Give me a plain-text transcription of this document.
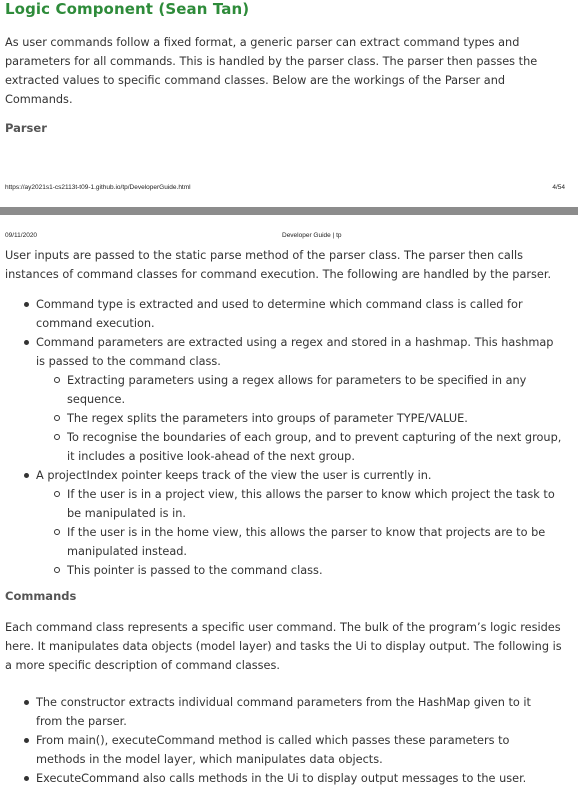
Logic Component (Sean Tan)

As user commands follow a fixed format, a generic parser can extract command types and parameters for all commands. This is handled by the parser class. The parser then passes the extracted values to specific command classes. Below are the workings of the Parser and Commands.

Parser
https://ay2021s1-cs2113t-t09-1.github.io/tp/DeveloperGuide.html	4/54
09/11/2020	Developer Guide | tp

User inputs are passed to the static parse method of the parser class. The parser then calls instances of command classes for command execution. The following are handled by the parser.

Command type is extracted and used to determine which command class is called for command execution.
Command parameters are extracted using a regex and stored in a hashmap. This hashmap is passed to the command class.
Extracting parameters using a regex allows for parameters to be specified in any sequence.
The regex splits the parameters into groups of parameter TYPE/VALUE.
To recognise the boundaries of each group, and to prevent capturing of the next group, it includes a positive look-ahead of the next group.
A projectIndex pointer keeps track of the view the user is currently in.
If the user is in a project view, this allows the parser to know which project the task to be manipulated is in.
If the user is in the home view, this allows the parser to know that projects are to be manipulated instead.
This pointer is passed to the command class.
Commands

Each command class represents a specific user command. The bulk of the program’s logic resides here. It manipulates data objects (model layer) and tasks the Ui to display output. The following is a more specific description of command classes.

The constructor extracts individual command parameters from the HashMap given to it from the parser.
From main(), executeCommand method is called which passes these parameters to methods in the model layer, which manipulates data objects.
ExecuteCommand also calls methods in the Ui to display output messages to the user.
